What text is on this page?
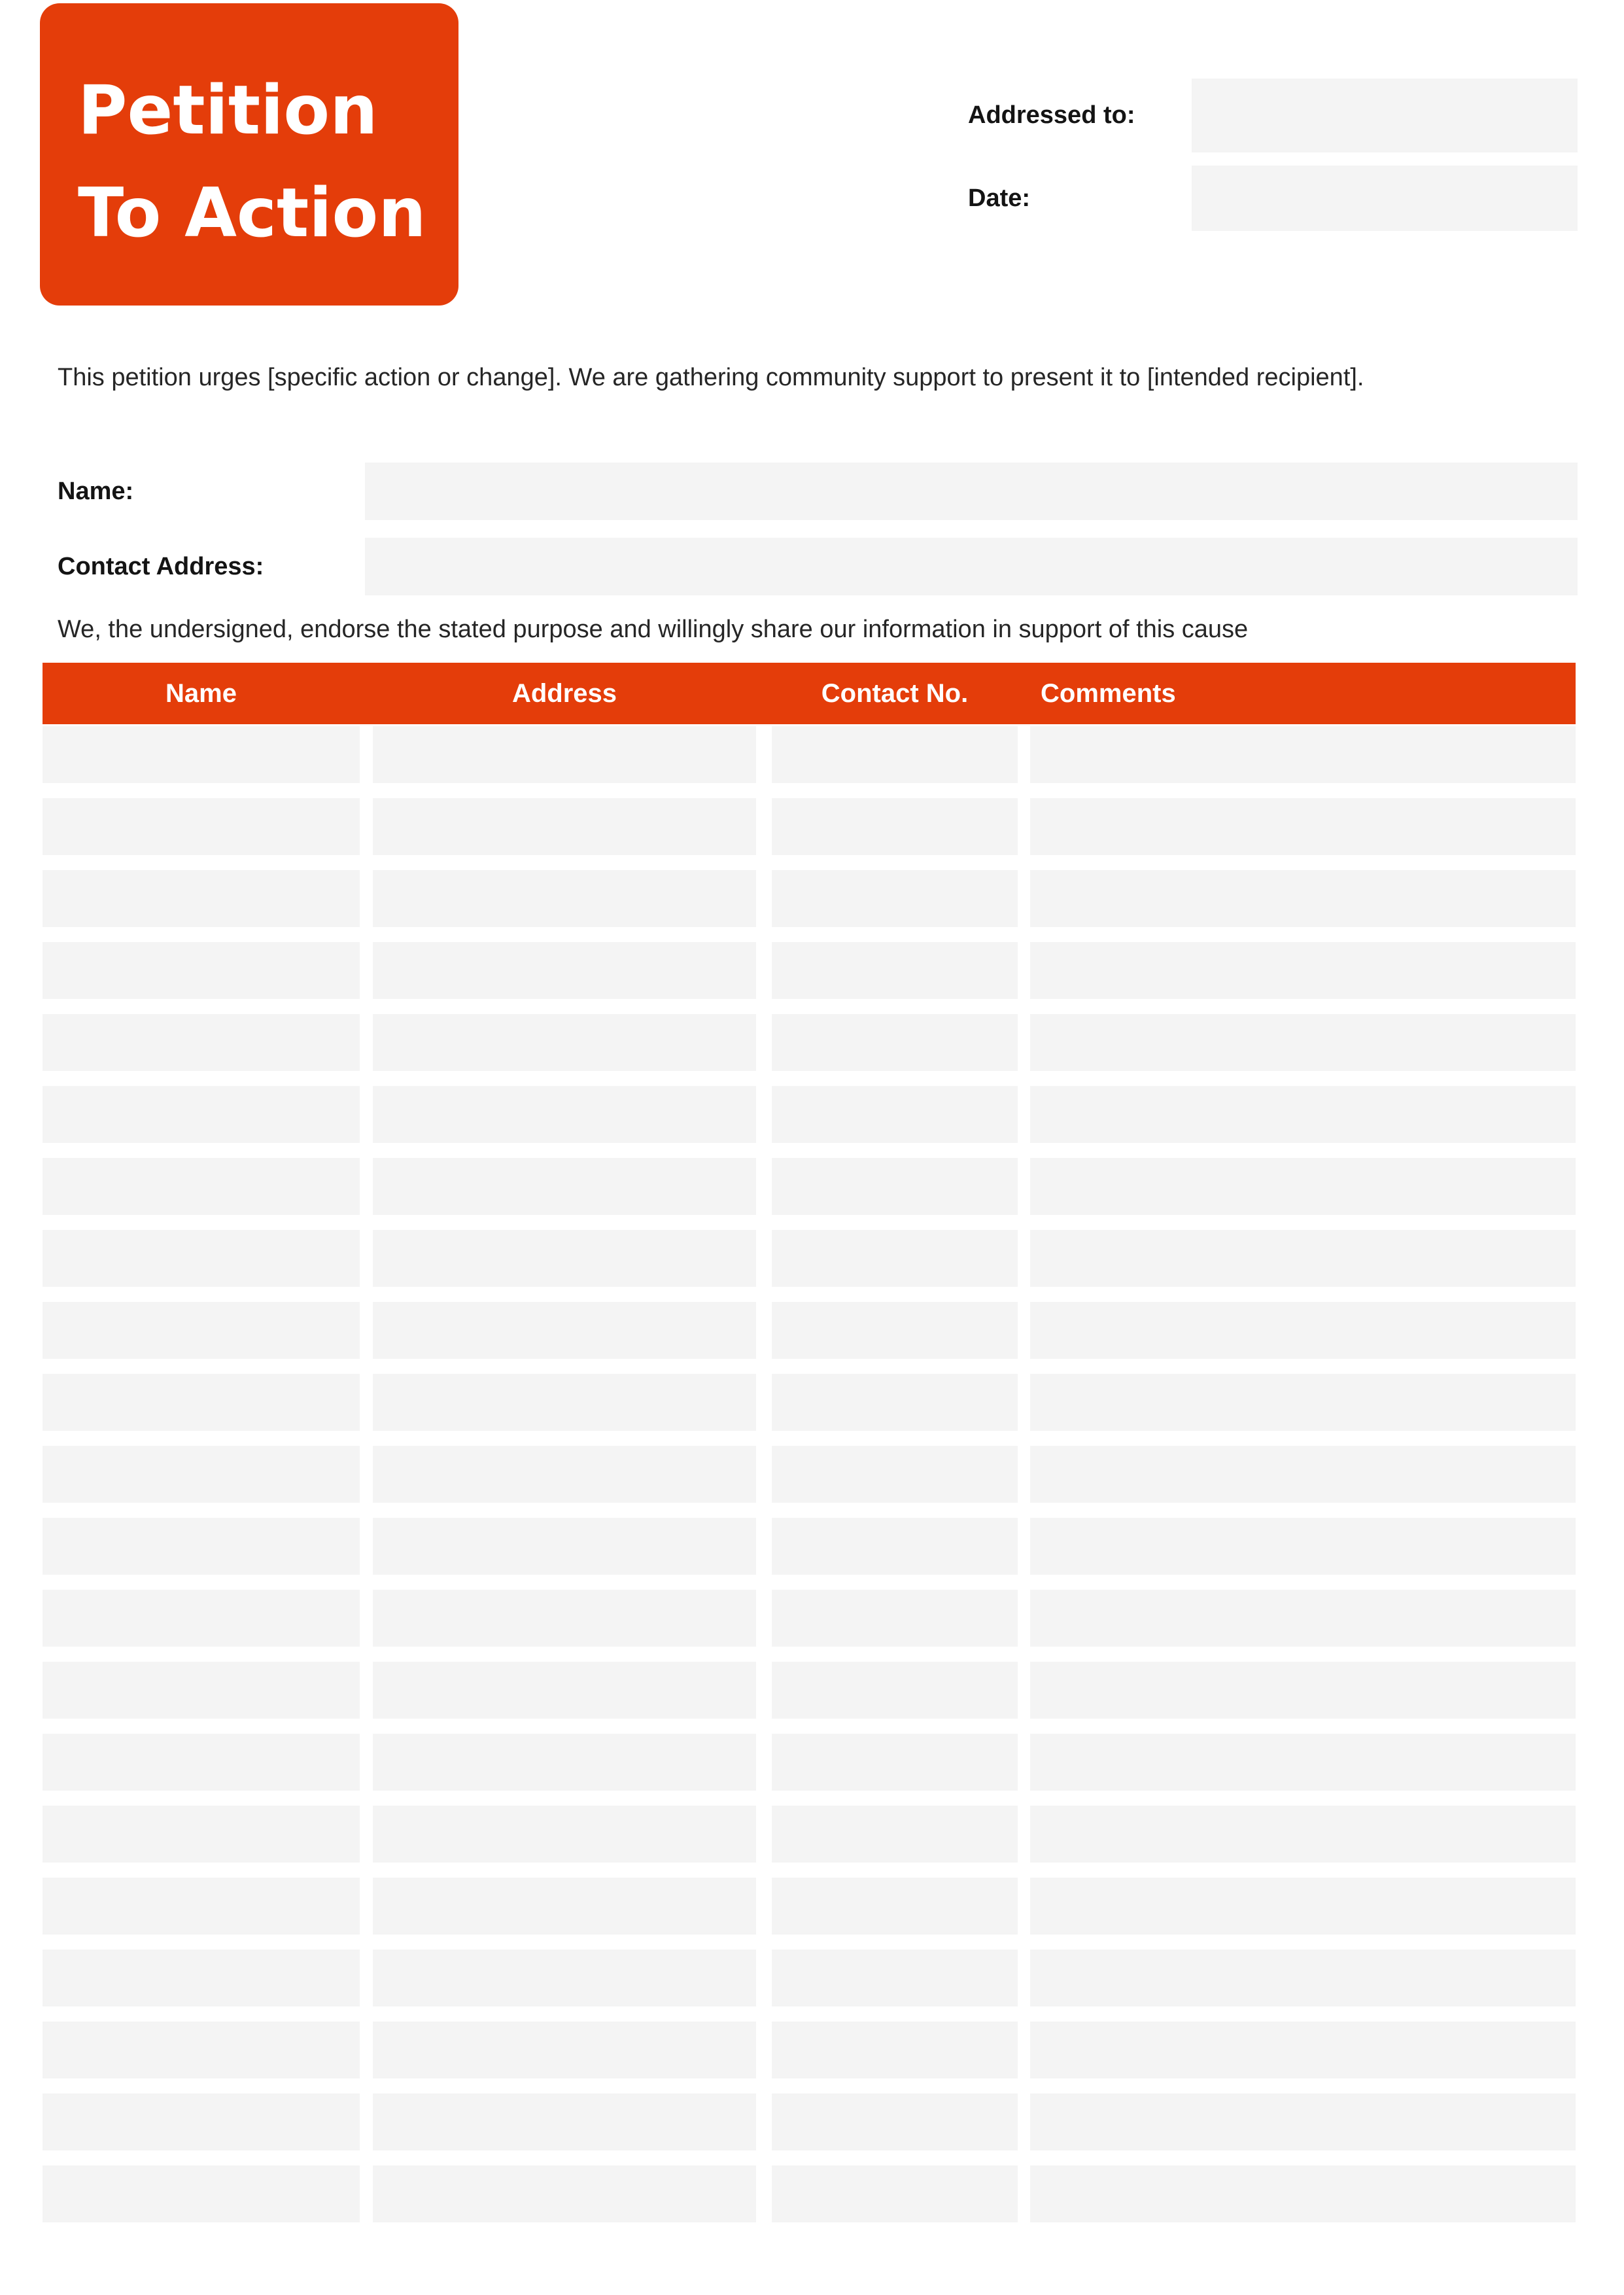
Petition
To Action
Addressed to:
Date:

This petition urges [specific action or change]. We are gathering community support to present it to [intended recipient].

Name:
Contact Address:

We, the undersigned, endorse the stated purpose and willingly share our information in support of this cause

Name	Address	Contact No.	Comments
